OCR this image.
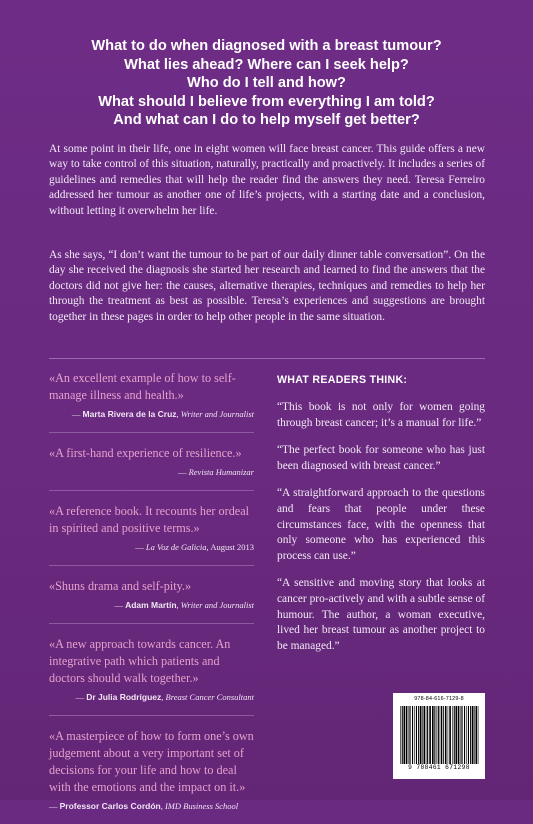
What to do when diagnosed with a breast tumour?
What lies ahead? Where can I seek help?
Who do I tell and how?
What should I believe from everything I am told?
And what can I do to help myself get better?
At some point in their life, one in eight women will face breast cancer. This guide offers a new way to take control of this situation, naturally, practically and proactively. It includes a series of guidelines and remedies that will help the reader find the answers they need. Teresa Ferreiro addressed her tumour as another one of life’s projects, with a starting date and a conclusion, without letting it overwhelm her life.
As she says, “I don’t want the tumour to be part of our daily dinner table conversation”. On the day she received the diagnosis she started her research and learned to find the answers that the doctors did not give her: the causes, alternative therapies, techniques and remedies to help her through the treatment as best as possible. Teresa’s experiences and suggestions are brought together in these pages in order to help other people in the same situation.
«An excellent example of how to self-manage illness and health.»
— Marta Rivera de la Cruz, Writer and Journalist
«A first-hand experience of resilience.»
— Revista Humanizar
«A reference book. It recounts her ordeal in spirited and positive terms.»
— La Voz de Galicia, August 2013
«Shuns drama and self-pity.»
— Adam Martín, Writer and Journalist
«A new approach towards cancer. An integrative path which patients and doctors should walk together.»
— Dr Julia Rodríguez, Breast Cancer Consultant
«A masterpiece of how to form one’s own judgement about a very important set of decisions for your life and how to deal with the emotions and the impact on it.»
— Professor Carlos Cordón, IMD Business School
WHAT READERS THINK:
“This book is not only for women going through breast cancer; it’s a manual for life.”
“The perfect book for someone who has just been diagnosed with breast cancer.”
“A straightforward approach to the questions and fears that people under these circumstances face, with the openness that only someone who has experienced this process can use.”
“A sensitive and moving story that looks at cancer pro-actively and with a subtle sense of humour. The author, a woman executive, lived her breast tumour as another project to be managed.”
978-84-616-7129-8
9 788461 671298
